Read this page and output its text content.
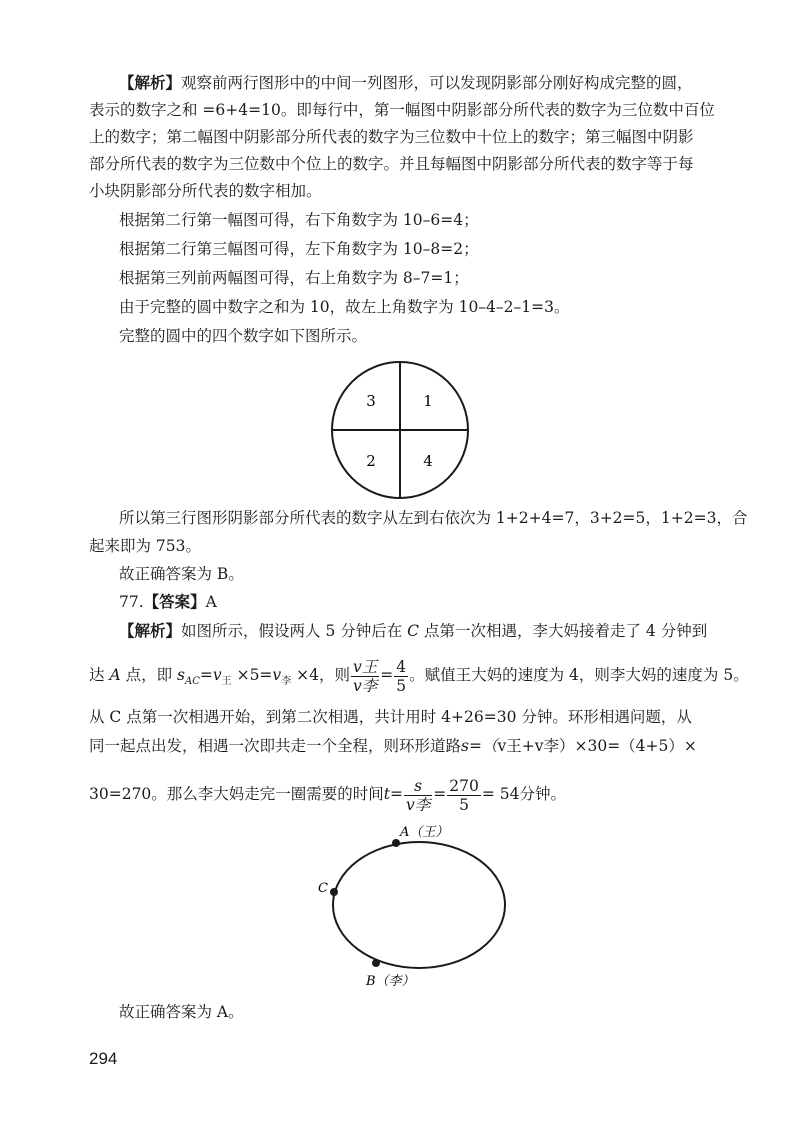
【解析】观察前两行图形中的中间一列图形，可以发现阴影部分刚好构成完整的圆，
表示的数字之和 =6+4=10。即每行中，第一幅图中阴影部分所代表的数字为三位数中百位
上的数字；第二幅图中阴影部分所代表的数字为三位数中十位上的数字；第三幅图中阴影
部分所代表的数字为三位数中个位上的数字。并且每幅图中阴影部分所代表的数字等于每
小块阴影部分所代表的数字相加。
根据第二行第一幅图可得，右下角数字为 10–6=4；
根据第二行第三幅图可得，左下角数字为 10–8=2；
根据第三列前两幅图可得，右上角数字为 8–7=1；
由于完整的圆中数字之和为 10，故左上角数字为 10–4–2–1=3。
完整的圆中的四个数字如下图所示。
3	1
2	4
所以第三行图形阴影部分所代表的数字从左到右依次为 1+2+4=7，3+2=5，1+2=3，合
起来即为 753。
故正确答案为 B。
77.【答案】A
【解析】如图所示，假设两人 5 分钟后在 C 点第一次相遇，李大妈接着走了 4 分钟到
达 A 点，即 $s_{AC}=v_王 \times 5=v_李 \times 4$，则 $\frac{\text{v王}}{\text{v李}} = \frac{4}{5}$ 。赋值王大妈的速度为 4，则李大妈的速度为 5。
从 C 点第一次相遇开始，到第二次相遇，共计用时 4+26=30 分钟。环形相遇问题，从
同一起点出发，相遇一次即共走一个全程，则环形道路s=（v王+v李）×30=（4+5）×
30=270。那么李大妈走完一圈需要的时间$t= \frac{s}{\text{v李}} = \frac{270}{5} = 54$分钟。
A（王）
C
B（李）
故正确答案为 A。
294
